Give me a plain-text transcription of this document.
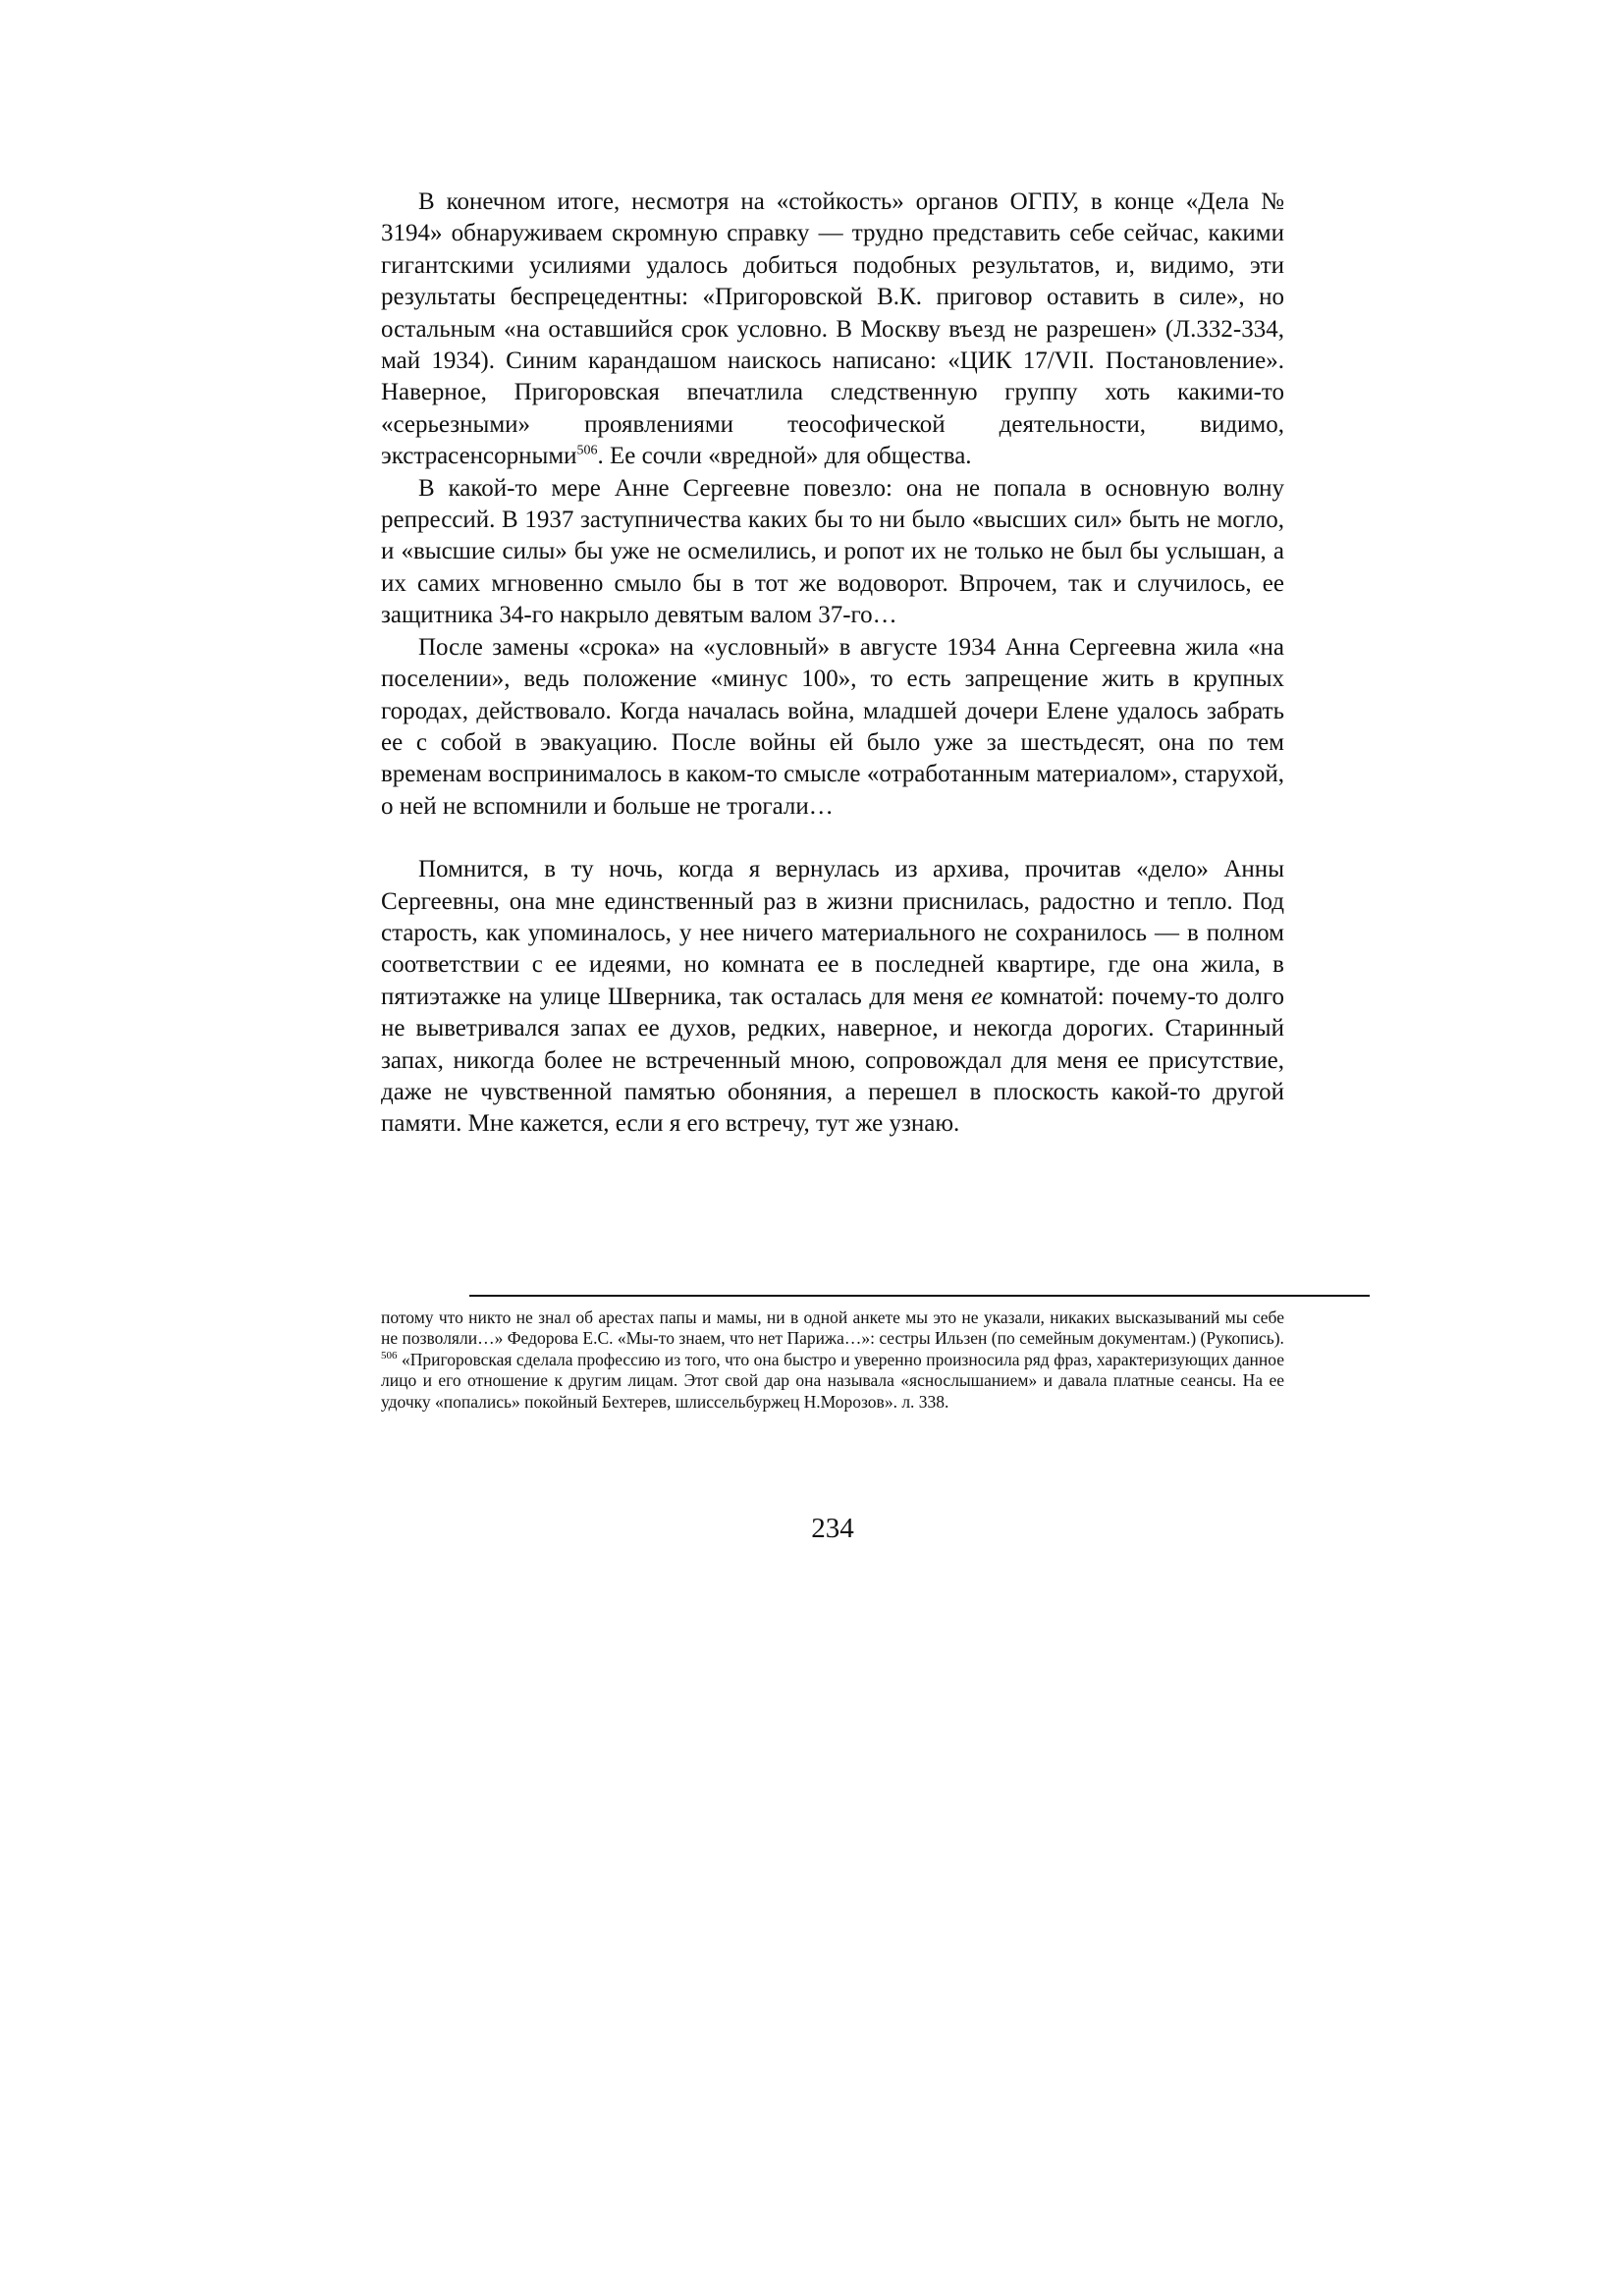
В конечном итоге, несмотря на «стойкость» органов ОГПУ, в конце «Дела № 3194» обнаруживаем скромную справку — трудно представить себе сейчас, какими гигантскими усилиями удалось добиться подобных результатов, и, видимо, эти результаты беспрецедентны: «Пригоровской В.К. приговор оставить в силе», но остальным «на оставшийся срок условно. В Москву въезд не разрешен» (Л.332-334, май 1934). Синим карандашом наискось написано: «ЦИК 17/VII. Постановление». Наверное, Пригоровская впечатлила следственную группу хоть какими-то «серьезными» проявлениями теософической деятельности, видимо, экстрасенсорными$^{506}$. Ее сочли «вредной» для общества.

В какой-то мере Анне Сергеевне повезло: она не попала в основную волну репрессий. В 1937 заступничества каких бы то ни было «высших сил» быть не могло, и «высшие силы» бы уже не осмелились, и ропот их не только не был бы услышан, а их самих мгновенно смыло бы в тот же водоворот. Впрочем, так и случилось, ее защитника 34-го накрыло девятым валом 37-го…

После замены «срока» на «условный» в августе 1934 Анна Сергеевна жила «на поселении», ведь положение «минус 100», то есть запрещение жить в крупных городах, действовало. Когда началась война, младшей дочери Елене удалось забрать ее с собой в эвакуацию. После войны ей было уже за шестьдесят, она по тем временам воспринималось в каком-то смысле «отработанным материалом», старухой, о ней не вспомнили и больше не трогали…

Помнится, в ту ночь, когда я вернулась из архива, прочитав «дело» Анны Сергеевны, она мне единственный раз в жизни приснилась, радостно и тепло. Под старость, как упоминалось, у нее ничего материального не сохранилось — в полном соответствии с ее идеями, но комната ее в последней квартире, где она жила, в пятиэтажке на улице Шверника, так осталась для меня ее комнатой: почему-то долго не выветривался запах ее духов, редких, наверное, и некогда дорогих. Старинный запах, никогда более не встреченный мною, сопровождал для меня ее присутствие, даже не чувственной памятью обоняния, а перешел в плоскость какой-то другой памяти. Мне кажется, если я его встречу, тут же узнаю.

потому что никто не знал об арестах папы и мамы, ни в одной анкете мы это не указали, никаких высказываний мы себе не позволяли…» Федорова Е.С. «Мы-то знаем, что нет Парижа…»: сестры Ильзен (по семейным документам.) (Рукопись).

$^{506}$ «Пригоровская сделала профессию из того, что она быстро и уверенно произносила ряд фраз, характеризующих данное лицо и его отношение к другим лицам. Этот свой дар она называла «яснослышанием» и давала платные сеансы. На ее удочку «попались» покойный Бехтерев, шлиссельбуржец Н.Морозов». л. 338.

234
